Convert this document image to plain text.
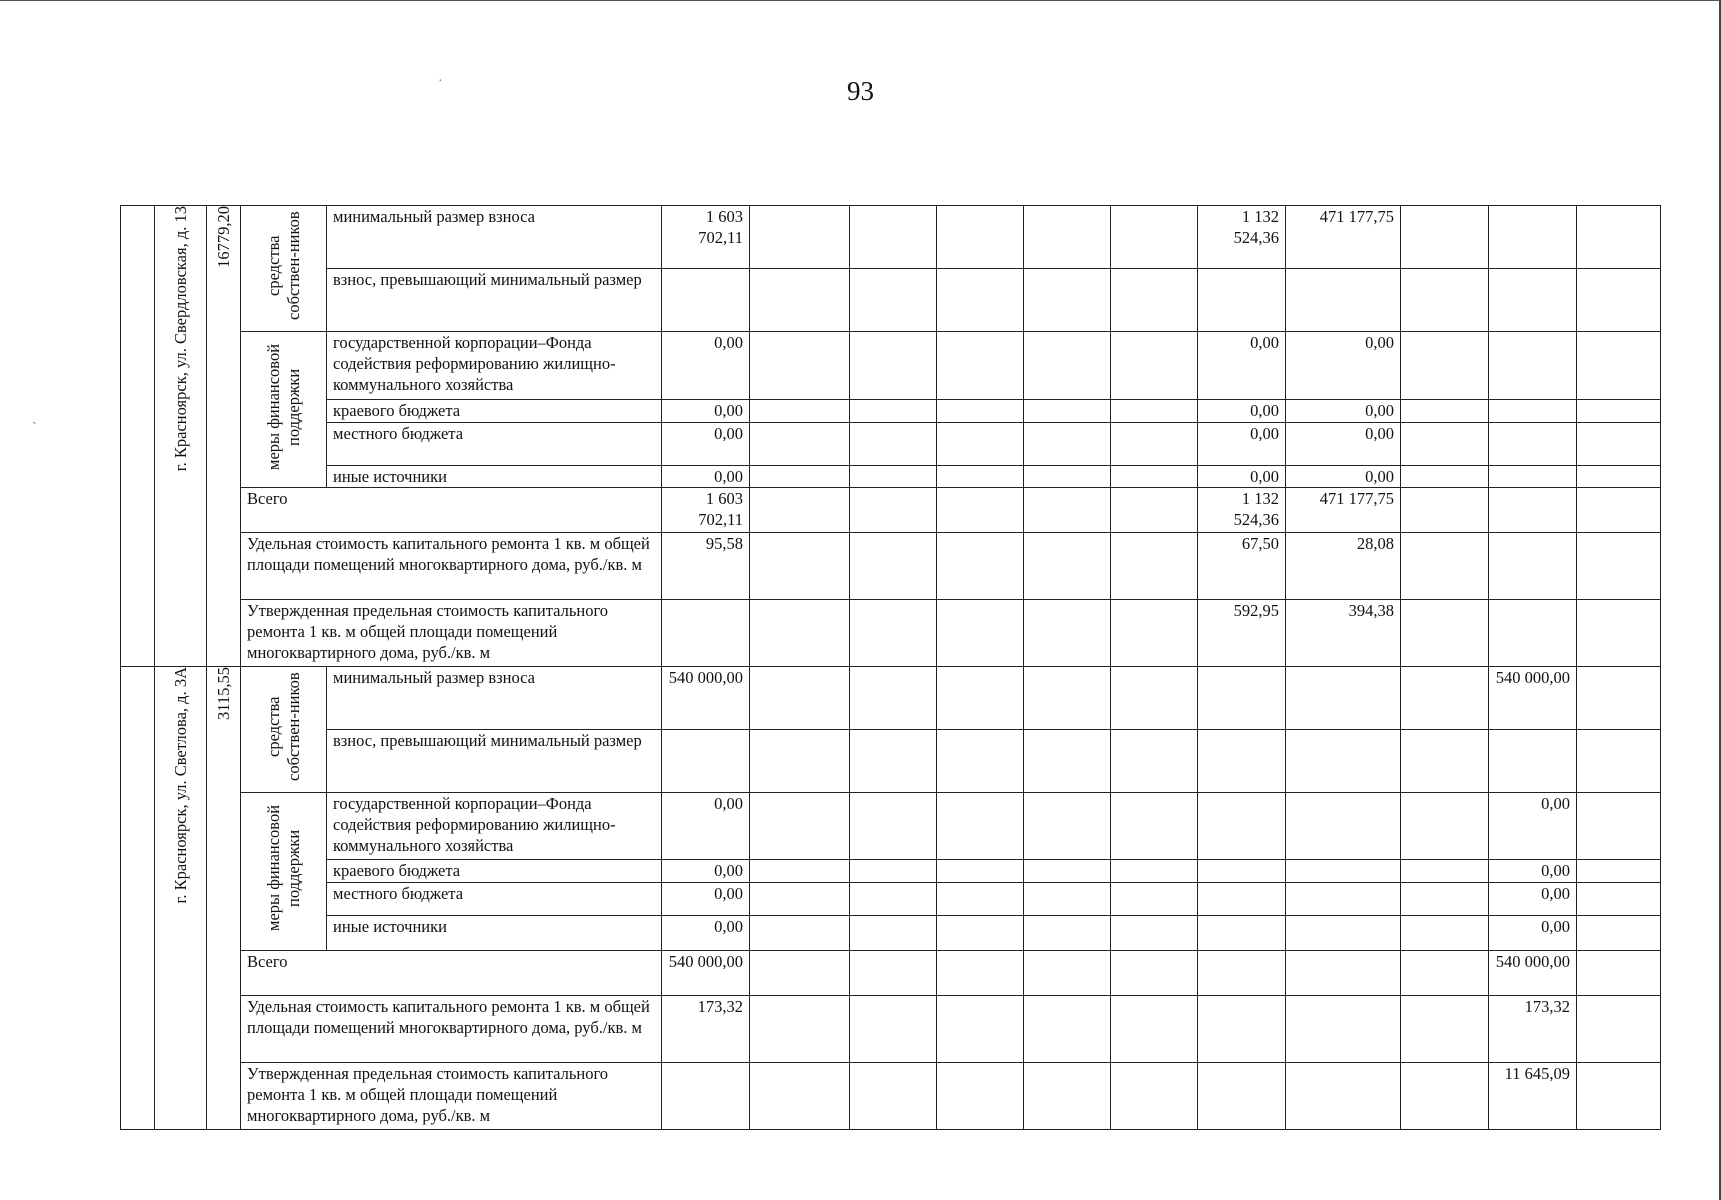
93
·
ˏ
		г. Красноярск, ул. Свердловская, д. 13	16779,20	средства собствен-ников	минимальный размер взноса	1 603 702,11						1 132 524,36	471 177,75			
				взнос, превышающий минимальный размер											
			меры финансовой поддержки	государственной корпорации–Фонда содействия реформированию жилищно-коммунального хозяйства	0,00						0,00	0,00			
				краевого бюджета	0,00						0,00	0,00			
				местного бюджета	0,00						0,00	0,00			
				иные источники	0,00						0,00	0,00			
			Всего		1 603 702,11						1 132 524,36	471 177,75			
			Удельная стоимость капитального ремонта 1 кв. м общей площади помещений многоквартирного дома, руб./кв. м		95,58						67,50	28,08			
			Утвержденная предельная стоимость капитального ремонта 1 кв. м общей площади помещений многоквартирного дома, руб./кв. м								592,95	394,38			
	г. Красноярск, ул. Светлова, д. 3А	3115,55	средства собствен-ников	минимальный размер взноса	540 000,00									540 000,00	
				взнос, превышающий минимальный размер											
			меры финансовой поддержки	государственной корпорации–Фонда содействия реформированию жилищно-коммунального хозяйства	0,00									0,00	
				краевого бюджета	0,00									0,00	
				местного бюджета	0,00									0,00	
				иные источники	0,00									0,00	
			Всего		540 000,00									540 000,00	
			Удельная стоимость капитального ремонта 1 кв. м общей площади помещений многоквартирного дома, руб./кв. м		173,32									173,32	
			Утвержденная предельная стоимость капитального ремонта 1 кв. м общей площади помещений многоквартирного дома, руб./кв. м											11 645,09	
